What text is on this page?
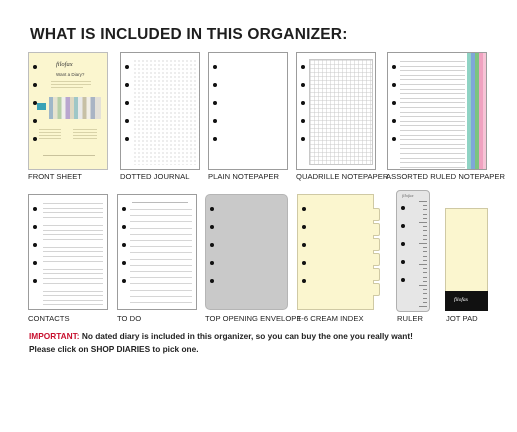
WHAT IS INCLUDED IN THIS ORGANIZER:
filofax
Want a Diary?
FRONT SHEET	DOTTED JOURNAL PLAIN NOTEPAPER QUADRILLE NOTEPAPER
ASSORTED RULED NOTEPAPER
CONTACTS	TO DO	TOP OPENING ENVELOPE
1-6 CREAM INDEX
filofax
RULER
filofax
JOT PAD
IMPORTANT: No dated diary is included in this organizer, so you can buy the one you really want!
Please click on SHOP DIARIES to pick one.
